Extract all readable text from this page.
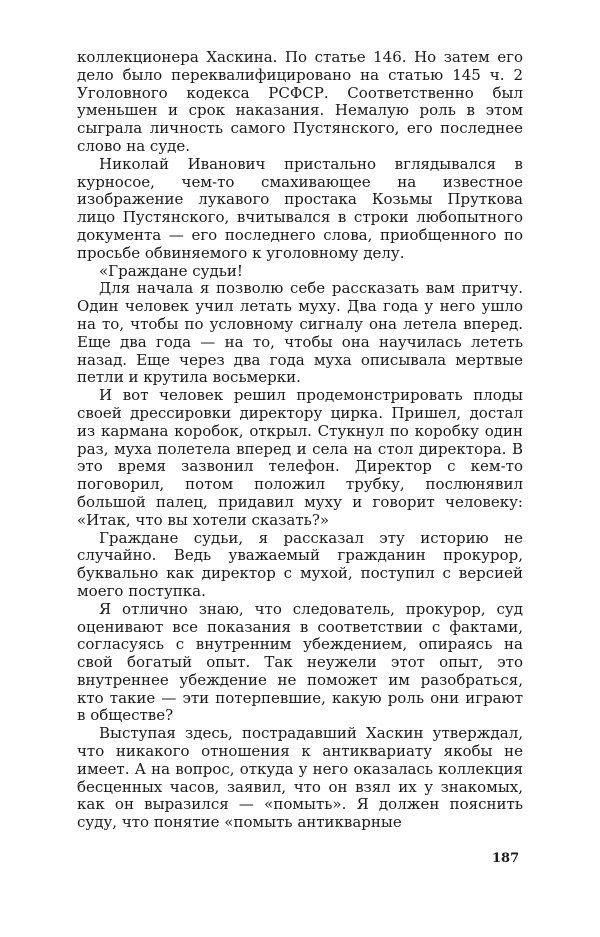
коллекционера Хаскина. По статье 146. Но затем его дело было переквалифицировано на статью 145 ч. 2 Уголовного кодекса РСФСР. Соответственно был уменьшен и срок наказания. Немалую роль в этом сыграла личность самого Пустянского, его последнее слово на суде.

Николай Иванович пристально вглядывался в курносое, чем-то смахивающее на известное изображение лукавого простака Козьмы Пруткова лицо Пустянского, вчитывался в строки любопытного документа — его последнего слова, приобщенного по просьбе обвиняемого к уголовному делу.

«Граждане судьи!

Для начала я позволю себе рассказать вам притчу. Один человек учил летать муху. Два года у него ушло на то, чтобы по условному сигналу она летела вперед. Еще два года — на то, чтобы она научилась лететь назад. Еще через два года муха описывала мертвые петли и крутила восьмерки.

И вот человек решил продемонстрировать плоды своей дрессировки директору цирка. Пришел, достал из кармана коробок, открыл. Стукнул по коробку один раз, муха полетела вперед и села на стол директора. В это время зазвонил телефон. Директор с кем-то поговорил, потом положил трубку, послюнявил большой палец, придавил муху и говорит человеку: «Итак, что вы хотели сказать?»

Граждане судьи, я рассказал эту историю не случайно. Ведь уважаемый гражданин прокурор, буквально как директор с мухой, поступил с версией моего поступка.

Я отлично знаю, что следователь, прокурор, суд оценивают все показания в соответствии с фактами, согласуясь с внутренним убеждением, опираясь на свой богатый опыт. Так неужели этот опыт, это внутреннее убеждение не поможет им разобраться, кто такие — эти потерпевшие, какую роль они играют в обществе?

Выступая здесь, пострадавший Хаскин утверждал, что никакого отношения к антиквариату якобы не имеет. А на вопрос, откуда у него оказалась коллекция бесценных часов, заявил, что он взял их у знакомых, как он выразился — «помыть». Я должен пояснить суду, что понятие «помыть антикварные

187
